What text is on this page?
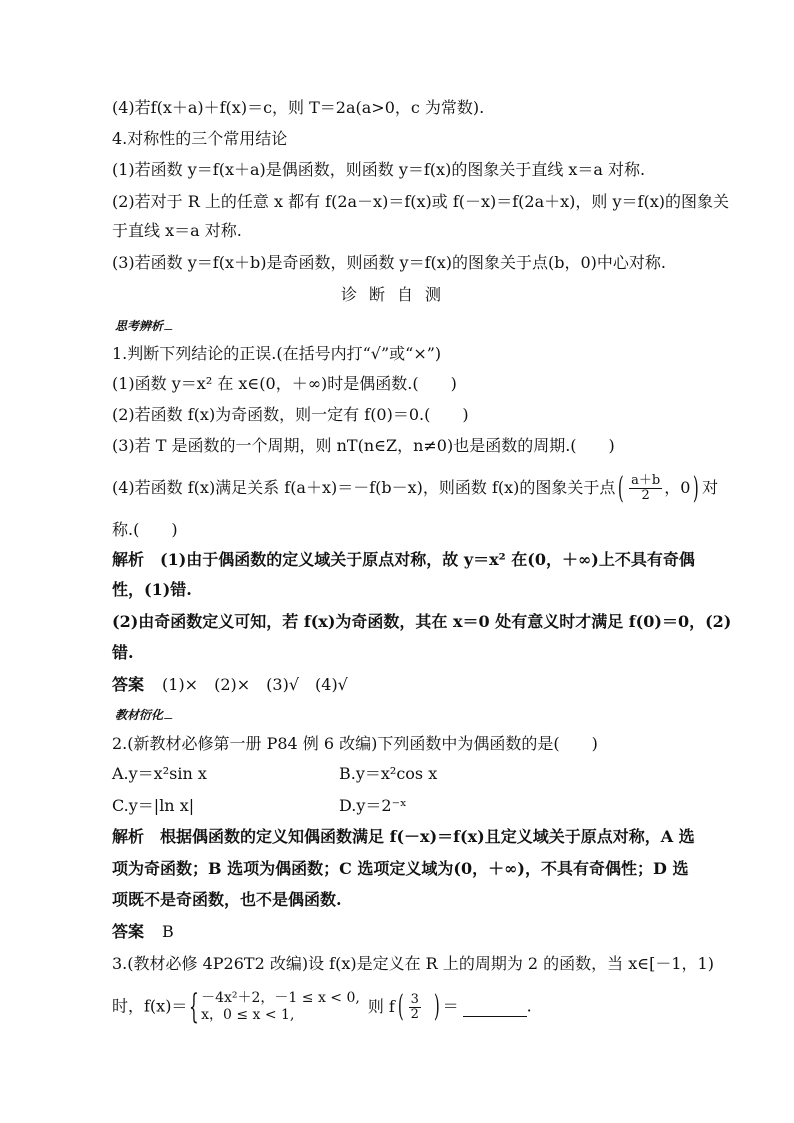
(4)若f(x＋a)＋f(x)＝c，则 T＝2a(a>0，c 为常数).
4.对称性的三个常用结论
(1)若函数 y＝f(x＋a)是偶函数，则函数 y＝f(x)的图象关于直线 x＝a 对称.
(2)若对于 R 上的任意 x 都有 f(2a－x)＝f(x)或 f(－x)＝f(2a＋x)，则 y＝f(x)的图象关
于直线 x＝a 对称.
(3)若函数 y＝f(x＋b)是奇函数，则函数 y＝f(x)的图象关于点(b，0)中心对称.
诊断自测
思考辨析
1.判断下列结论的正误.(在括号内打“√”或“×”)
(1)函数 y＝x² 在 x∈(0，＋∞)时是偶函数.(　　)
(2)若函数 f(x)为奇函数，则一定有 f(0)＝0.(　　)
(3)若 T 是函数的一个周期，则 nT(n∈Z，n≠0)也是函数的周期.(　　)
(4)若函数 f(x)满足关系 f(a＋x)＝－f(b－x)，则函数 f(x)的图象关于点( $\frac{a+b}{2}$ ，0) 对
称.(　　)
解析　(1)由于偶函数的定义域关于原点对称，故 y＝x² 在(0，＋∞)上不具有奇偶
性，(1)错.
(2)由奇函数定义可知，若 f(x)为奇函数，其在 x＝0 处有意义时才满足 f(0)＝0，(2)
错.
答案 (1)×　(2)×　(3)√　(4)√
教材衍化
2.(新教材必修第一册 P84 例 6 改编)下列函数中为偶函数的是(　　)
A.y＝x²sin x	B.y＝x²cos x
C.y＝|ln x|	D.y＝2⁻ˣ
解析　根据偶函数的定义知偶函数满足 f(－x)＝f(x)且定义域关于原点对称，A 选
项为奇函数；B 选项为偶函数；C 选项定义域为(0，＋∞)，不具有奇偶性；D 选
项既不是奇函数，也不是偶函数.
答案 B
3.(教材必修 4P26T2 改编)设 f(x)是定义在 R 上的周期为 2 的函数，当 x∈[－1，1)
时，f(x)＝{ －4x²＋2，－1 ≤ x < 0,
x，0 ≤ x < 1,	则 $f( \frac{3}{2}$ ) ＝	.
